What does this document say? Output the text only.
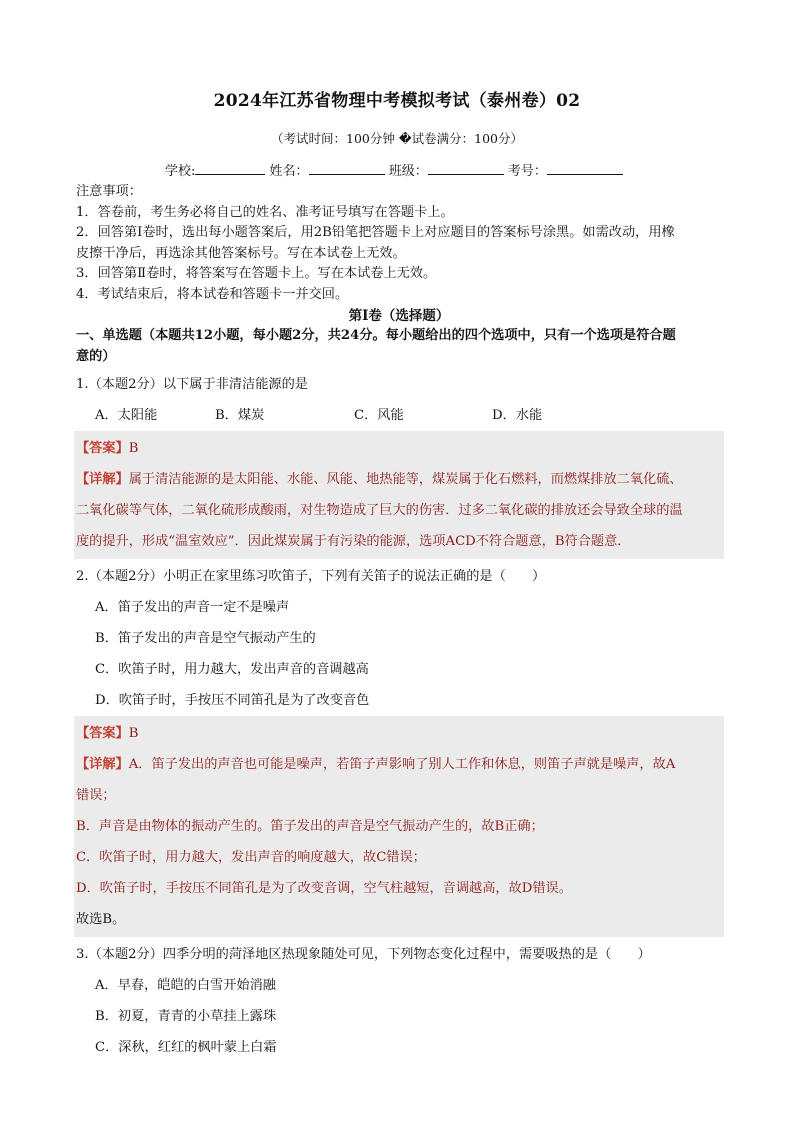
2024年江苏省物理中考模拟考试（泰州卷）02
（考试时间：100分钟 �试卷满分：100分）
学校:	姓名：	班级：	考号：
注意事项：
1．答卷前，考生务必将自己的姓名、准考证号填写在答题卡上。
2．回答第Ⅰ卷时，选出每小题答案后，用2B铅笔把答题卡上对应题目的答案标号涂黑。如需改动，用橡
皮擦干净后，再选涂其他答案标号。写在本试卷上无效。
3．回答第Ⅱ卷时，将答案写在答题卡上。写在本试卷上无效。
4．考试结束后，将本试卷和答题卡一并交回。
第I卷（选择题）
一、单选题（本题共12小题，每小题2分，共24分。每小题给出的四个选项中，只有一个选项是符合题
意的）
1.（本题2分）以下属于非清洁能源的是
A．太阳能	B．煤炭	C．风能	D．水能
【答案】B
【详解】属于清洁能源的是太阳能、水能、风能、地热能等，煤炭属于化石燃料，而燃煤排放二氧化硫、
二氧化碳等气体，二氧化硫形成酸雨，对生物造成了巨大的伤害．过多二氧化碳的排放还会导致全球的温
度的提升，形成“温室效应”．因此煤炭属于有污染的能源，选项ACD不符合题意，B符合题意．
2.（本题2分）小明正在家里练习吹笛子，下列有关笛子的说法正确的是（　　）
A．笛子发出的声音一定不是噪声
B．笛子发出的声音是空气振动产生的
C．吹笛子时，用力越大，发出声音的音调越高
D．吹笛子时，手按压不同笛孔是为了改变音色
【答案】B
【详解】A．笛子发出的声音也可能是噪声，若笛子声影响了别人工作和休息，则笛子声就是噪声，故A
错误；
B．声音是由物体的振动产生的。笛子发出的声音是空气振动产生的，故B正确；
C．吹笛子时，用力越大，发出声音的响度越大，故C错误；
D．吹笛子时，手按压不同笛孔是为了改变音调，空气柱越短，音调越高，故D错误。
故选B。
3.（本题2分）四季分明的菏泽地区热现象随处可见，下列物态变化过程中，需要吸热的是（　　）
A．早春，皑皑的白雪开始消融
B．初夏，青青的小草挂上露珠
C．深秋，红红的枫叶蒙上白霜
